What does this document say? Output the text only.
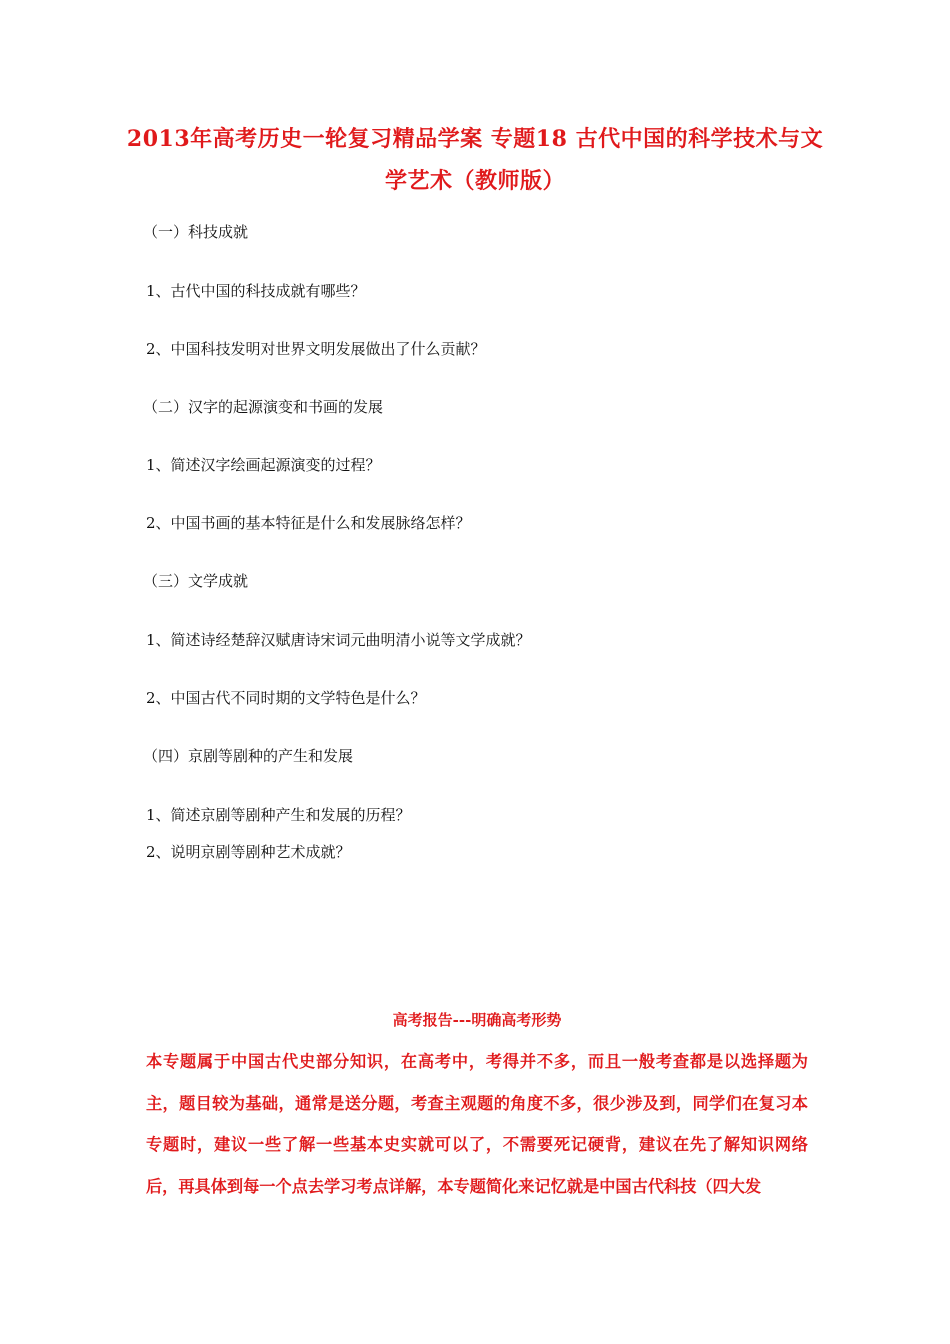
2013年高考历史一轮复习精品学案 专题18 古代中国的科学技术与文学艺术（教师版）
（一）科技成就
1、古代中国的科技成就有哪些？
2、中国科技发明对世界文明发展做出了什么贡献？
（二）汉字的起源演变和书画的发展
1、简述汉字绘画起源演变的过程？
2、中国书画的基本特征是什么和发展脉络怎样？
（三）文学成就
1、简述诗经楚辞汉赋唐诗宋词元曲明清小说等文学成就？
2、中国古代不同时期的文学特色是什么？
（四）京剧等剧种的产生和发展
1、简述京剧等剧种产生和发展的历程？
2、说明京剧等剧种艺术成就？
高考报告---明确高考形势
本专题属于中国古代史部分知识，在高考中，考得并不多，而且一般考查都是以选择题为主，题目较为基础，通常是送分题，考查主观题的角度不多，很少涉及到，同学们在复习本专题时，建议一些了解一些基本史实就可以了，不需要死记硬背，建议在先了解知识网络后，再具体到每一个点去学习考点详解，本专题简化来记忆就是中国古代科技（四大发
